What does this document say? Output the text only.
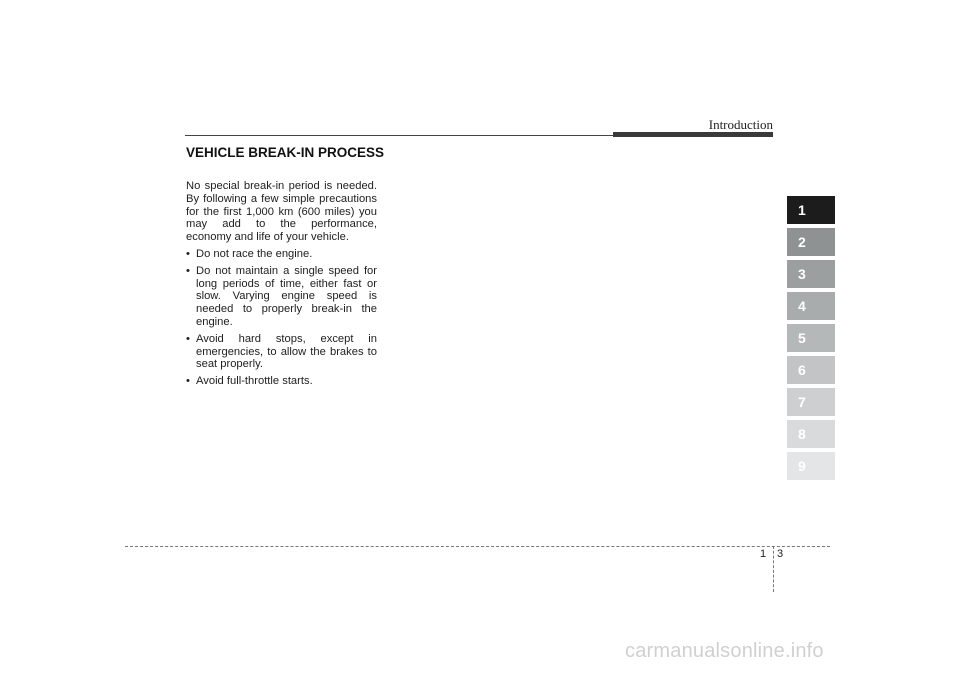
Introduction
VEHICLE BREAK-IN PROCESS

No special break-in period is needed. By following a few simple precautions for the first 1,000 km (600 miles) you may add to the performance, economy and life of your vehicle.

• Do not race the engine.
• Do not maintain a single speed for long periods of time, either fast or slow. Varying engine speed is needed to properly break-in the engine.
• Avoid hard stops, except in emergencies, to allow the brakes to seat properly.
• Avoid full-throttle starts.
1
2
3
4
5
6
7
8
9
1 3
carmanualsonline.info
